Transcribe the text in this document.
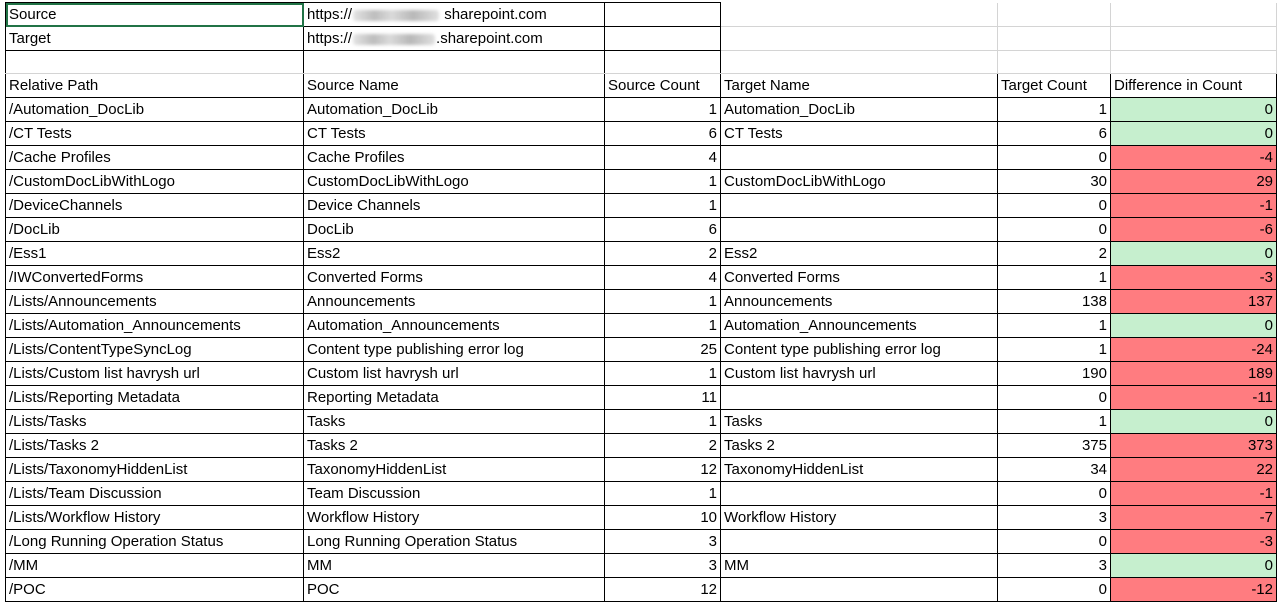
Source	https:// sharepoint.com				
Target	https:// .sharepoint.com				

Relative Path	Source Name	Source Count	Target Name	Target Count	Difference in Count
/Automation_DocLib	Automation_DocLib	1	Automation_DocLib	1	0
/CT Tests	CT Tests	6	CT Tests	6	0
/Cache Profiles	Cache Profiles	4		0	-4
/CustomDocLibWithLogo	CustomDocLibWithLogo	1	CustomDocLibWithLogo	30	29
/DeviceChannels	Device Channels	1		0	-1
/DocLib	DocLib	6		0	-6
/Ess1	Ess2	2	Ess2	2	0
/IWConvertedForms	Converted Forms	4	Converted Forms	1	-3
/Lists/Announcements	Announcements	1	Announcements	138	137
/Lists/Automation_Announcements	Automation_Announcements	1	Automation_Announcements	1	0
/Lists/ContentTypeSyncLog	Content type publishing error log	25	Content type publishing error log	1	-24
/Lists/Custom list havrysh url	Custom list havrysh url	1	Custom list havrysh url	190	189
/Lists/Reporting Metadata	Reporting Metadata	11		0	-11
/Lists/Tasks	Tasks	1	Tasks	1	0
/Lists/Tasks 2	Tasks 2	2	Tasks 2	375	373
/Lists/TaxonomyHiddenList	TaxonomyHiddenList	12	TaxonomyHiddenList	34	22
/Lists/Team Discussion	Team Discussion	1		0	-1
/Lists/Workflow History	Workflow History	10	Workflow History	3	-7
/Long Running Operation Status	Long Running Operation Status	3		0	-3
/MM	MM	3	MM	3	0
/POC	POC	12		0	-12
